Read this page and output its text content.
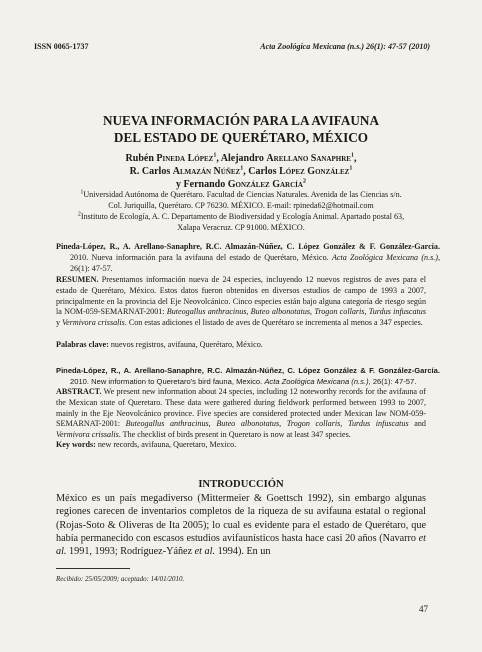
ISSN 0065-1737	Acta Zoológica Mexicana (n.s.) 26(1): 47-57 (2010)
NUEVA INFORMACIÓN PARA LA AVIFAUNA
DEL ESTADO DE QUERÉTARO, MÉXICO
Rubén Pineda López$^1$, Alejandro Arellano Sanaphre$^1$,
R. Carlos Almazán Núñez$^1$, Carlos López González$^1$
y Fernando González García$^2$
$^1$Universidad Autónoma de Querétaro. Facultad de Ciencias Naturales. Avenida de las Ciencias s/n.
Col. Juriquilla, Querétaro. CP 76230. MÉXICO. E-mail: rpineda62@hotmail.com
$^2$Instituto de Ecología, A. C. Departamento de Biodiversidad y Ecología Animal. Apartado postal 63,
Xalapa Veracruz. CP 91000. MÉXICO.
Pineda-López, R., A. Arellano-Sanaphre, R.C. Almazán-Núñez, C. López González & F. González-García. 2010. Nueva información para la avifauna del estado de Querétaro, México. Acta Zoológica Mexicana (n.s.), 26(1): 47-57.
RESUMEN. Presentamos información nueva de 24 especies, incluyendo 12 nuevos registros de aves para el estado de Querétaro, México. Estos datos fueron obtenidos en diversos estudios de campo de 1993 a 2007, principalmente en la provincia del Eje Neovolcánico. Cinco especies están bajo alguna categoría de riesgo según la NOM-059-SEMARNAT-2001: Buteogallus anthracinus, Buteo albonotatus, Trogon collaris, Turdus infuscatus y Vermivora crissalis. Con estas adiciones el listado de aves de Querétaro se incrementa al menos a 347 especies.
Palabras clave: nuevos registros, avifauna, Querétaro, México.
Pineda-López, R., A. Arellano-Sanaphre, R.C. Almazán-Núñez, C. López González & F. González-García. 2010. New information to Queretaro's bird fauna, Mexico. Acta Zoológica Mexicana (n.s.), 26(1): 47-57.
ABSTRACT. We present new information about 24 species, including 12 noteworthy records for the avifauna of the Mexican state of Queretaro. These data were gathered during fieldwork performed between 1993 to 2007, mainly in the Eje Neovolcánico province. Five species are considered protected under Mexican law NOM-059-SEMARNAT-2001: Buteogallus anthracinus, Buteo albonotatus, Trogon collaris, Turdus infuscatus and Vermivora crissalis. The checklist of birds present in Queretaro is now at least 347 species.
Key words: new records, avifauna, Queretaro, Mexico.
INTRODUCCIÓN
México es un país megadiverso (Mittermeier & Goettsch 1992), sin embargo algunas regiones carecen de inventarios completos de la riqueza de su avifauna estatal o regional (Rojas-Soto & Oliveras de Ita 2005); lo cual es evidente para el estado de Querétaro, que había permanecido con escasos estudios avifaunísticos hasta hace casi 20 años (Navarro et al. 1991, 1993; Rodríguez-Yáñez et al. 1994). En un
Recibido: 25/05/2009; aceptado: 14/01/2010.
47
